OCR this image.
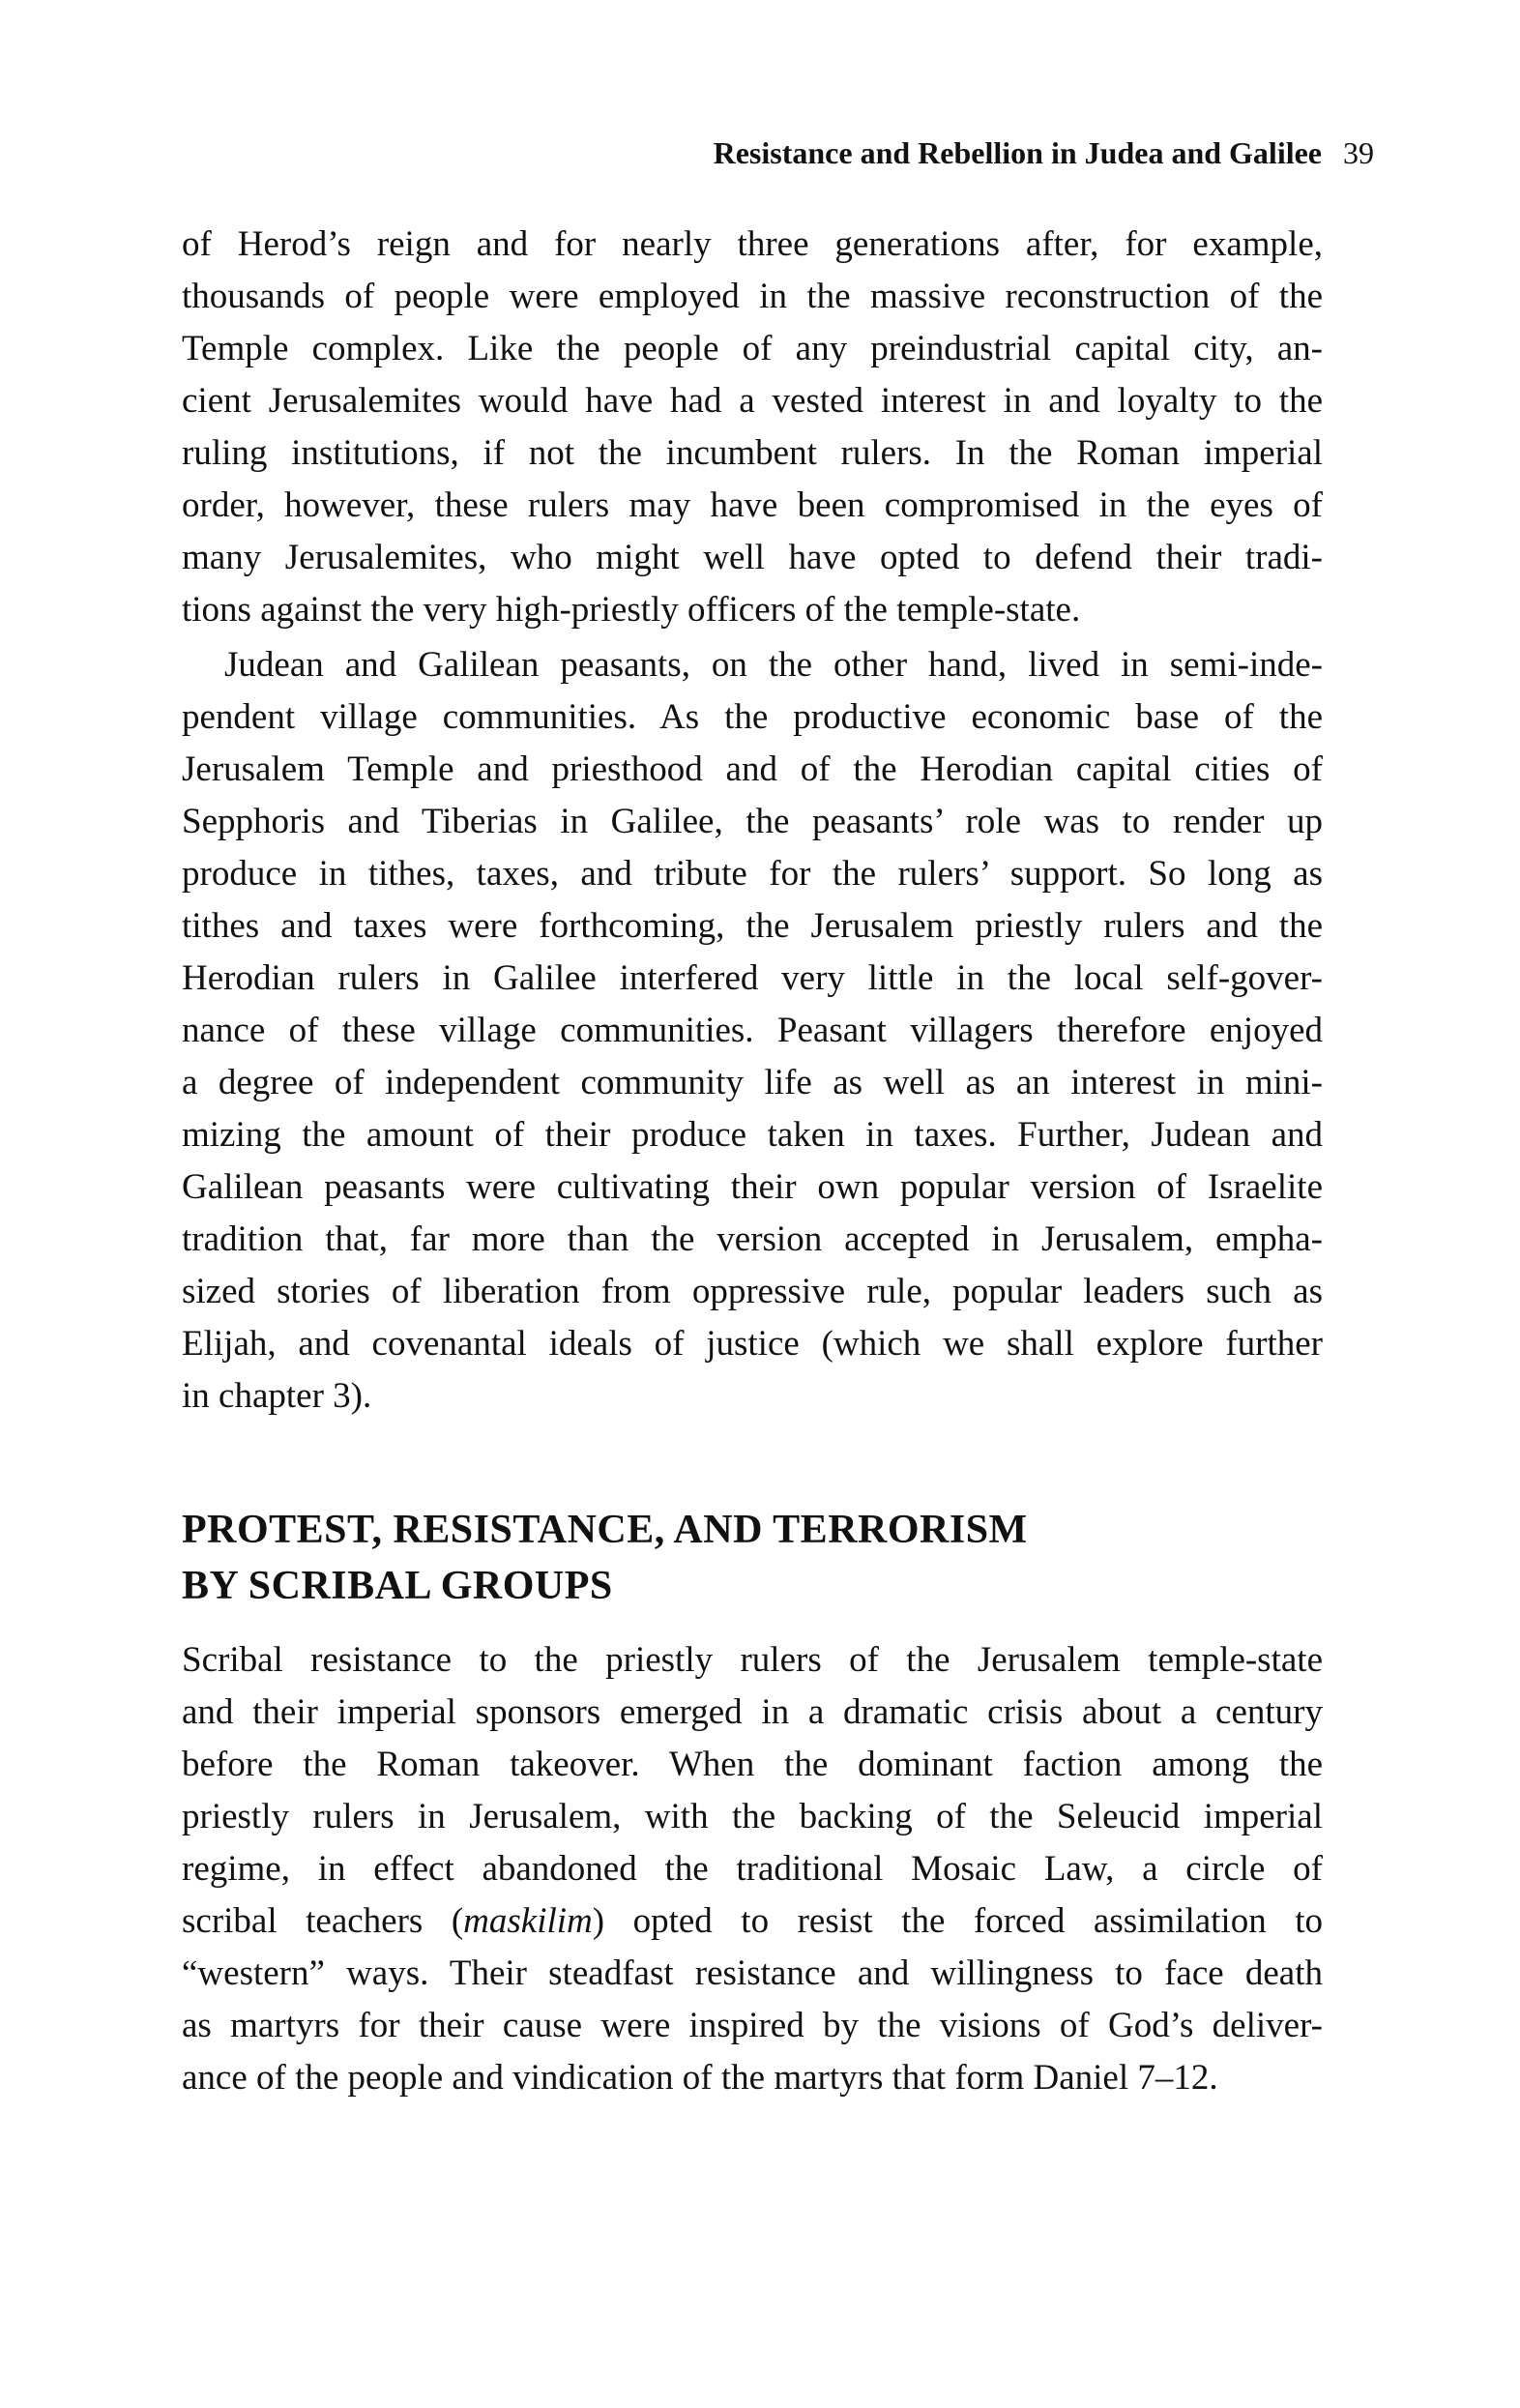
Resistance and Rebellion in Judea and Galilee 39
of Herod’s reign and for nearly three generations after, for example,
thousands of people were employed in the massive reconstruction of the
Temple complex. Like the people of any preindustrial capital city, an-
cient Jerusalemites would have had a vested interest in and loyalty to the
ruling institutions, if not the incumbent rulers. In the Roman imperial
order, however, these rulers may have been compromised in the eyes of
many Jerusalemites, who might well have opted to defend their tradi-
tions against the very high-priestly officers of the temple-state.
Judean and Galilean peasants, on the other hand, lived in semi-inde-
pendent village communities. As the productive economic base of the
Jerusalem Temple and priesthood and of the Herodian capital cities of
Sepphoris and Tiberias in Galilee, the peasants’ role was to render up
produce in tithes, taxes, and tribute for the rulers’ support. So long as
tithes and taxes were forthcoming, the Jerusalem priestly rulers and the
Herodian rulers in Galilee interfered very little in the local self-gover-
nance of these village communities. Peasant villagers therefore enjoyed
a degree of independent community life as well as an interest in mini-
mizing the amount of their produce taken in taxes. Further, Judean and
Galilean peasants were cultivating their own popular version of Israelite
tradition that, far more than the version accepted in Jerusalem, empha-
sized stories of liberation from oppressive rule, popular leaders such as
Elijah, and covenantal ideals of justice (which we shall explore further
in chapter 3).
PROTEST, RESISTANCE, AND TERRORISM
BY SCRIBAL GROUPS
Scribal resistance to the priestly rulers of the Jerusalem temple-state
and their imperial sponsors emerged in a dramatic crisis about a century
before the Roman takeover. When the dominant faction among the
priestly rulers in Jerusalem, with the backing of the Seleucid imperial
regime, in effect abandoned the traditional Mosaic Law, a circle of
scribal teachers (maskilim) opted to resist the forced assimilation to
“western” ways. Their steadfast resistance and willingness to face death
as martyrs for their cause were inspired by the visions of God’s deliver-
ance of the people and vindication of the martyrs that form Daniel 7–12.
